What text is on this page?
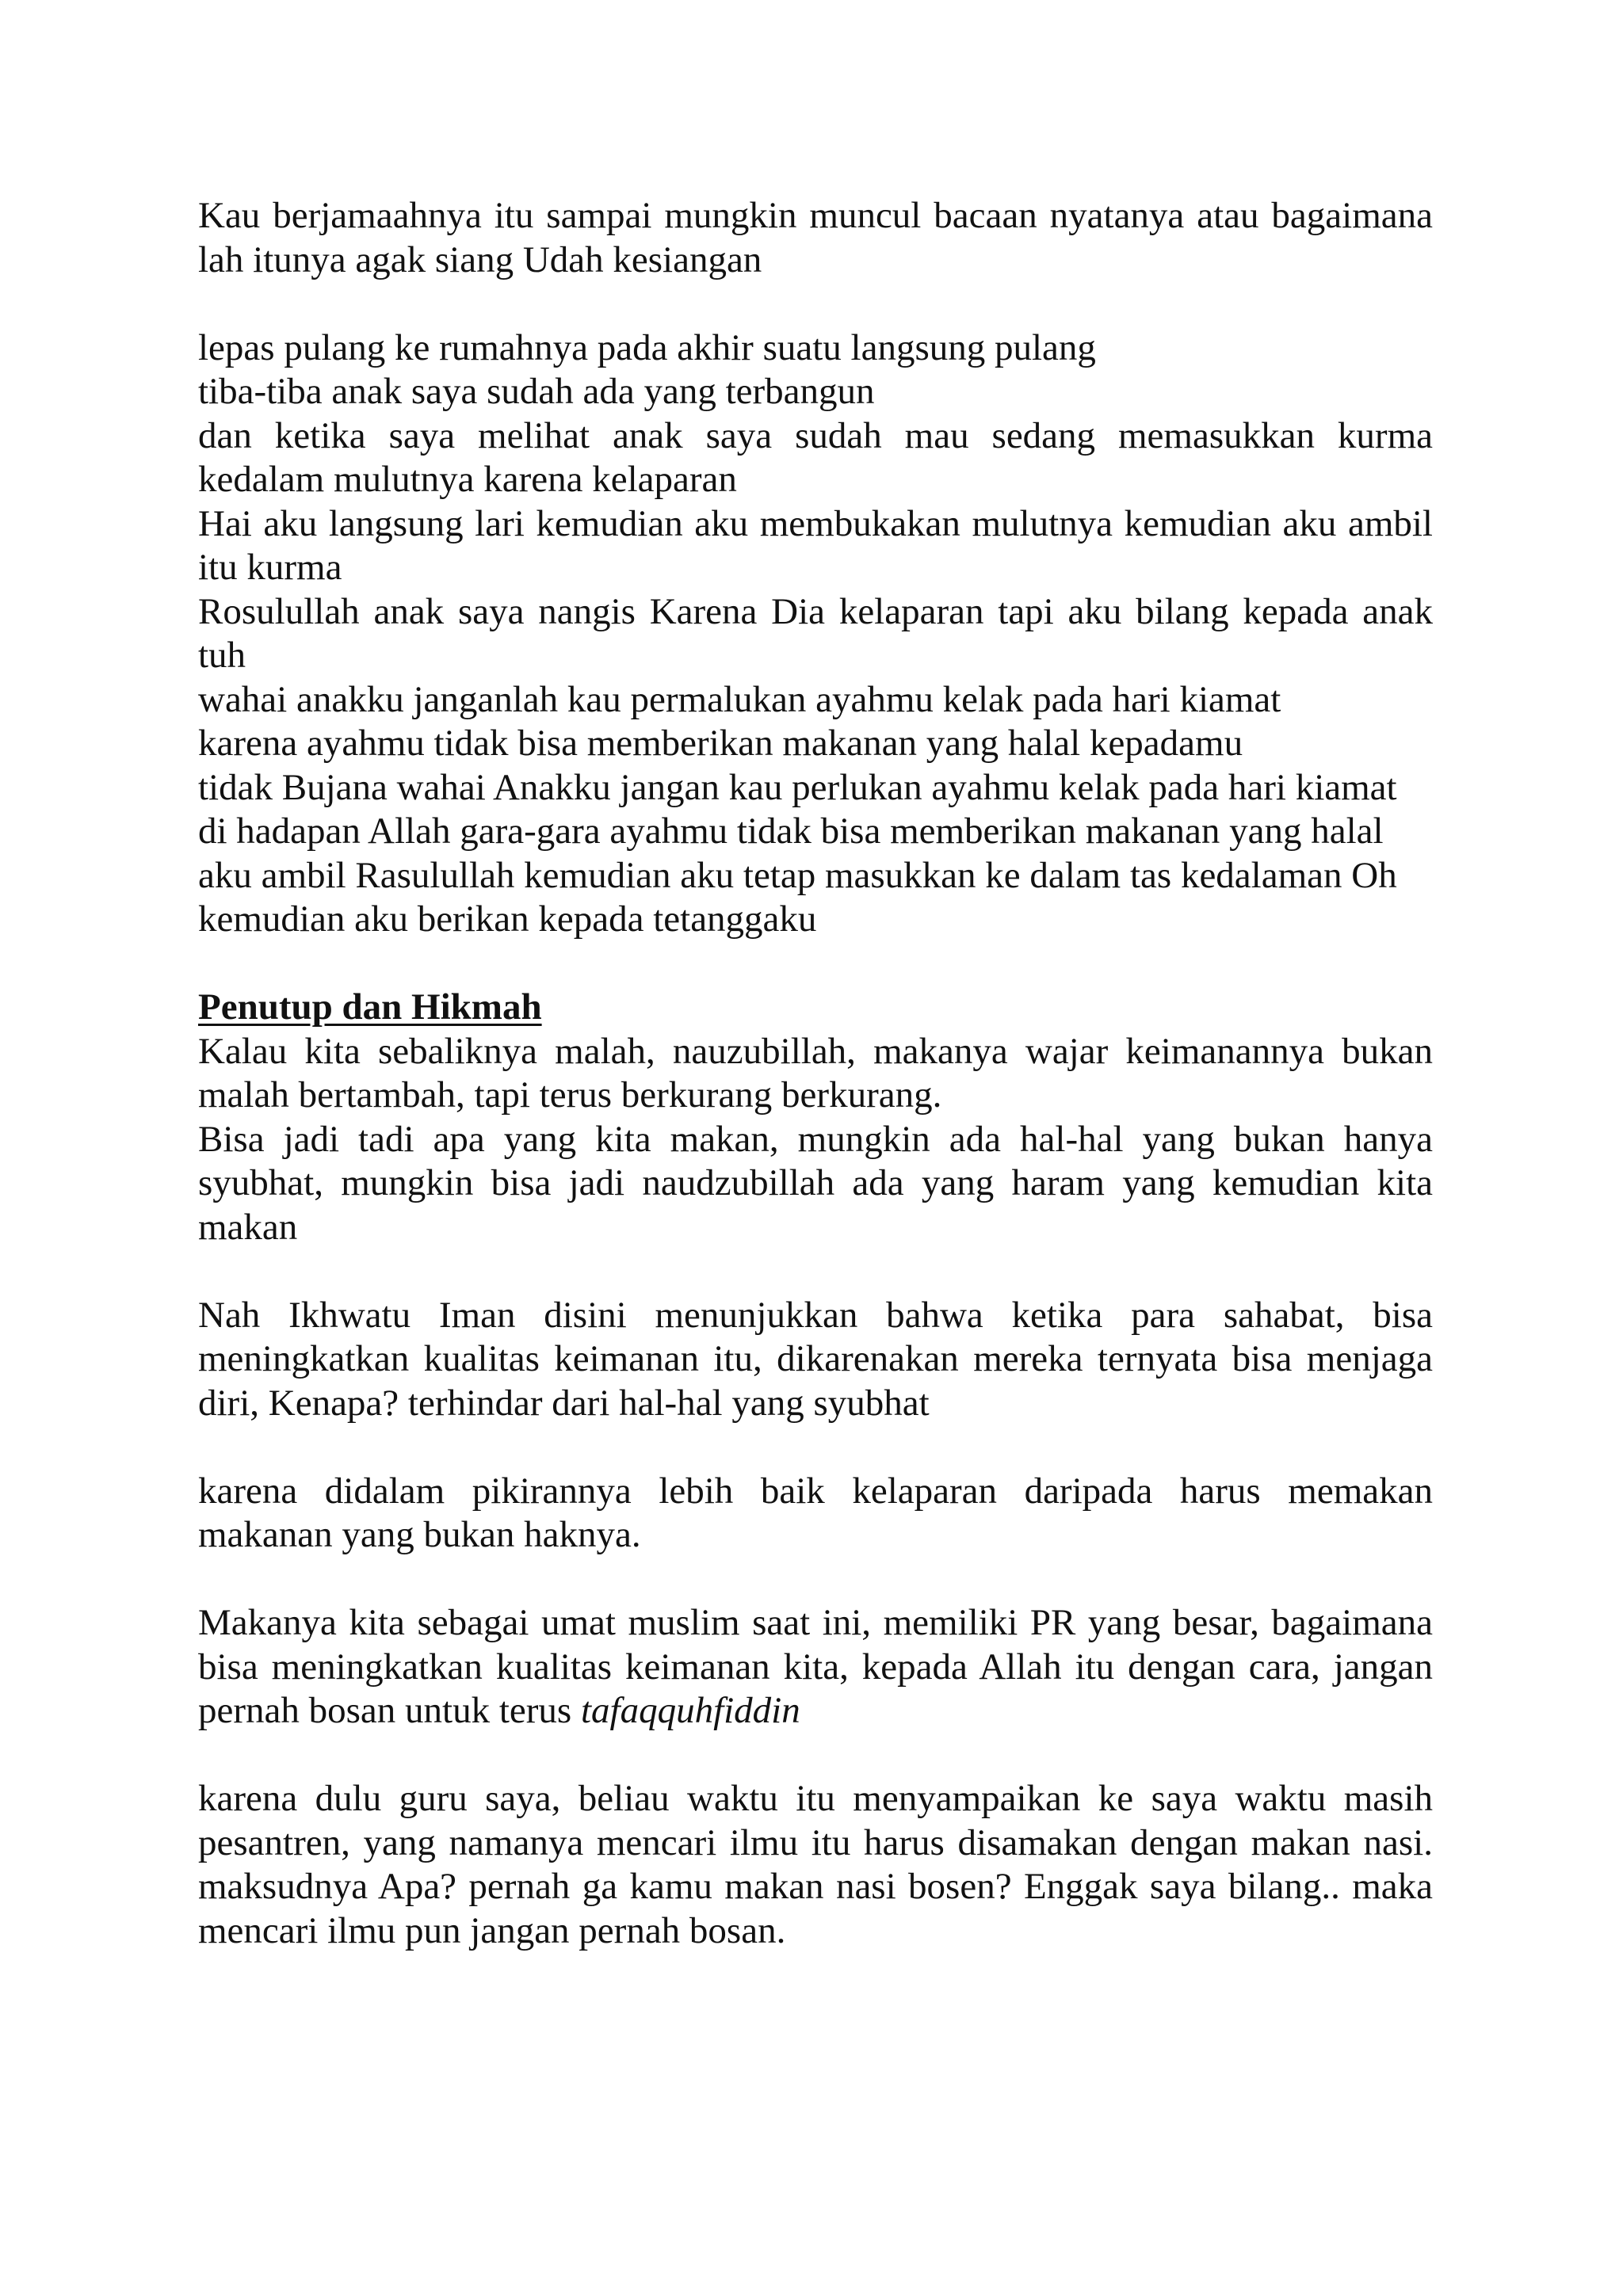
Kau berjamaahnya itu sampai mungkin muncul bacaan nyatanya atau bagaimana
lah itunya agak siang Udah kesiangan
lepas pulang ke rumahnya pada akhir suatu langsung pulang
tiba-tiba anak saya sudah ada yang terbangun
dan ketika saya melihat anak saya sudah mau sedang memasukkan kurma
kedalam mulutnya karena kelaparan
Hai aku langsung lari kemudian aku membukakan mulutnya kemudian aku ambil
itu kurma
Rosulullah anak saya nangis Karena Dia kelaparan tapi aku bilang kepada anak
tuh
wahai anakku janganlah kau permalukan ayahmu kelak pada hari kiamat
karena ayahmu tidak bisa memberikan makanan yang halal kepadamu
tidak Bujana wahai Anakku jangan kau perlukan ayahmu kelak pada hari kiamat
di hadapan Allah gara-gara ayahmu tidak bisa memberikan makanan yang halal
aku ambil Rasulullah kemudian aku tetap masukkan ke dalam tas kedalaman Oh
kemudian aku berikan kepada tetanggaku
Penutup dan Hikmah
Kalau kita sebaliknya malah, nauzubillah, makanya wajar keimanannya bukan
malah bertambah, tapi terus berkurang berkurang.
Bisa jadi tadi apa yang kita makan, mungkin ada hal-hal yang bukan hanya
syubhat, mungkin bisa jadi naudzubillah ada yang haram yang kemudian kita
makan
Nah Ikhwatu Iman disini menunjukkan bahwa ketika para sahabat, bisa
meningkatkan kualitas keimanan itu, dikarenakan mereka ternyata bisa menjaga
diri, Kenapa? terhindar dari hal-hal yang syubhat
karena didalam pikirannya lebih baik kelaparan daripada harus memakan
makanan yang bukan haknya.
Makanya kita sebagai umat muslim saat ini, memiliki PR yang besar, bagaimana
bisa meningkatkan kualitas keimanan kita, kepada Allah itu dengan cara, jangan
pernah bosan untuk terus tafaqquhfiddin
karena dulu guru saya, beliau waktu itu menyampaikan ke saya waktu masih
pesantren, yang namanya mencari ilmu itu harus disamakan dengan makan nasi.
maksudnya Apa? pernah ga kamu makan nasi bosen? Enggak saya bilang.. maka
mencari ilmu pun jangan pernah bosan.
